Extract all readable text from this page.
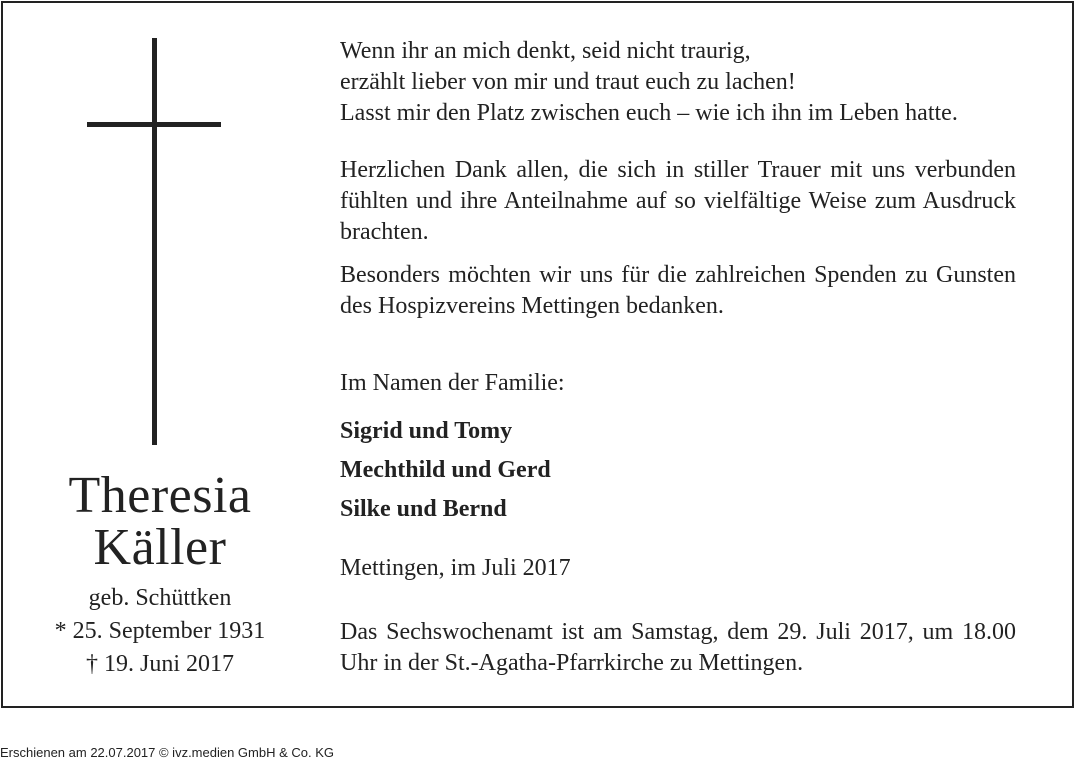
Theresia
Käller
geb. Schüttken
* 25. September 1931
† 19. Juni 2017
Wenn ihr an mich denkt, seid nicht traurig,
erzählt lieber von mir und traut euch zu lachen!
Lasst mir den Platz zwischen euch – wie ich ihn im Leben hatte.
Herzlichen Dank allen, die sich in stiller Trauer mit uns verbunden fühlten und ihre Anteilnahme auf so vielfältige Weise zum Ausdruck brachten.
Besonders möchten wir uns für die zahlreichen Spenden zu Gunsten des Hospizvereins Mettingen bedanken.
Im Namen der Familie:
Sigrid und Tomy
Mechthild und Gerd
Silke und Bernd
Mettingen, im Juli 2017
Das Sechswochenamt ist am Samstag, dem 29. Juli 2017, um 18.00 Uhr in der St.-Agatha-Pfarrkirche zu Mettingen.
Erschienen am 22.07.2017 © ivz.medien GmbH & Co. KG
